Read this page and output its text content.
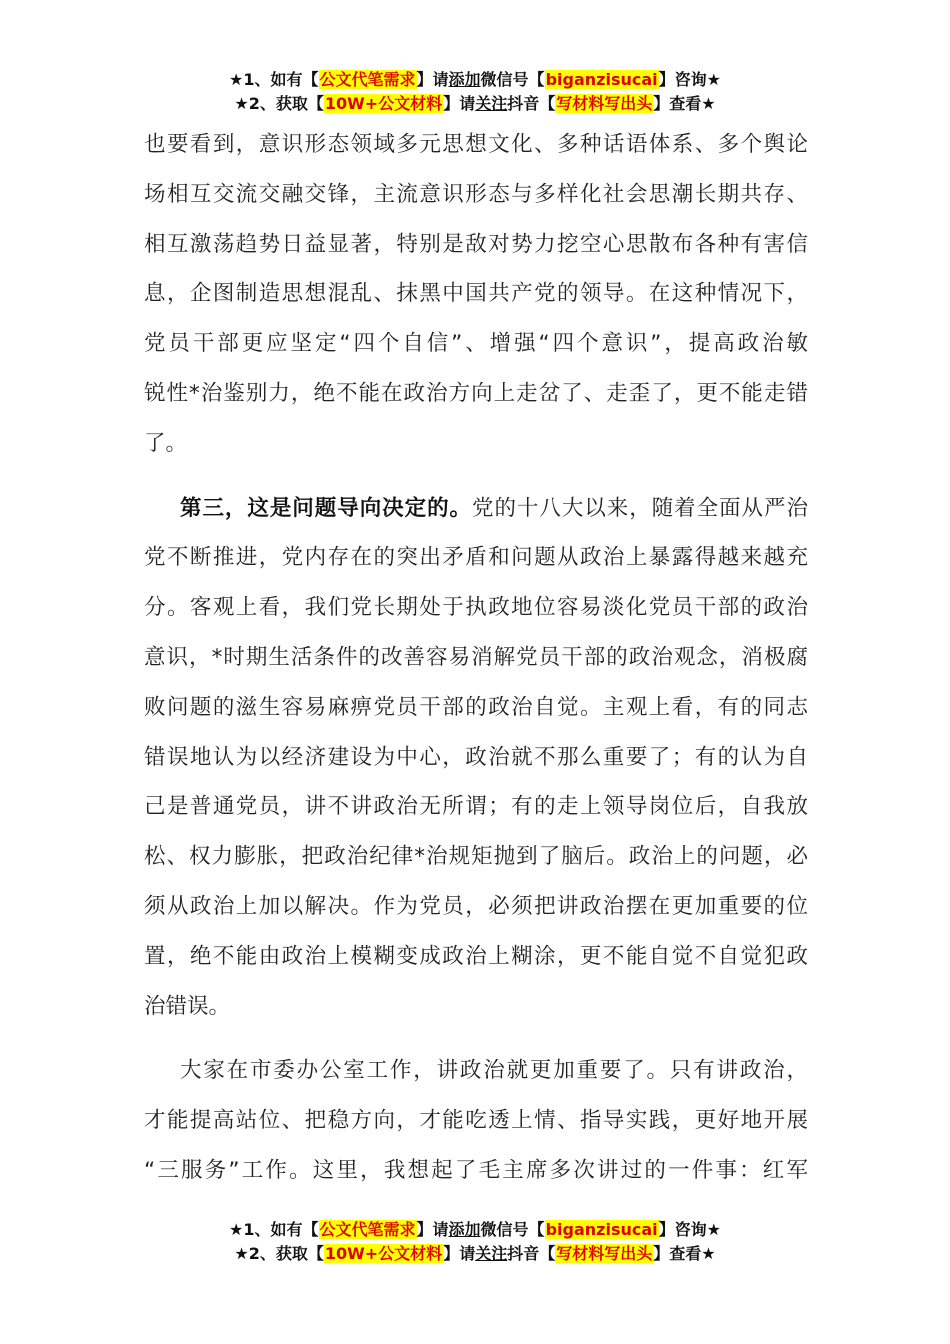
★1、如有【公文代笔需求】请添加微信号【biganzisucai】咨询★
★2、获取【10W+公文材料】请关注抖音【写材料写出头】查看★
也要看到，意识形态领域多元思想文化、多种话语体系、多个舆论
场相互交流交融交锋，主流意识形态与多样化社会思潮长期共存、
相互激荡趋势日益显著，特别是敌对势力挖空心思散布各种有害信
息，企图制造思想混乱、抹黑中国共产党的领导。在这种情况下，
党员干部更应坚定“四个自信”、增强“四个意识”，提高政治敏
锐性*治鉴别力，绝不能在政治方向上走岔了、走歪了，更不能走错
了。
第三，这是问题导向决定的。党的十八大以来，随着全面从严治
党不断推进，党内存在的突出矛盾和问题从政治上暴露得越来越充
分。客观上看，我们党长期处于执政地位容易淡化党员干部的政治
意识，*时期生活条件的改善容易消解党员干部的政治观念，消极腐
败问题的滋生容易麻痹党员干部的政治自觉。主观上看，有的同志
错误地认为以经济建设为中心，政治就不那么重要了；有的认为自
己是普通党员，讲不讲政治无所谓；有的走上领导岗位后，自我放
松、权力膨胀，把政治纪律*治规矩抛到了脑后。政治上的问题，必
须从政治上加以解决。作为党员，必须把讲政治摆在更加重要的位
置，绝不能由政治上模糊变成政治上糊涂，更不能自觉不自觉犯政
治错误。
大家在市委办公室工作，讲政治就更加重要了。只有讲政治，
才能提高站位、把稳方向，才能吃透上情、指导实践，更好地开展
“三服务”工作。这里，我想起了毛主席多次讲过的一件事：红军
★1、如有【公文代笔需求】请添加微信号【biganzisucai】咨询★
★2、获取【10W+公文材料】请关注抖音【写材料写出头】查看★
